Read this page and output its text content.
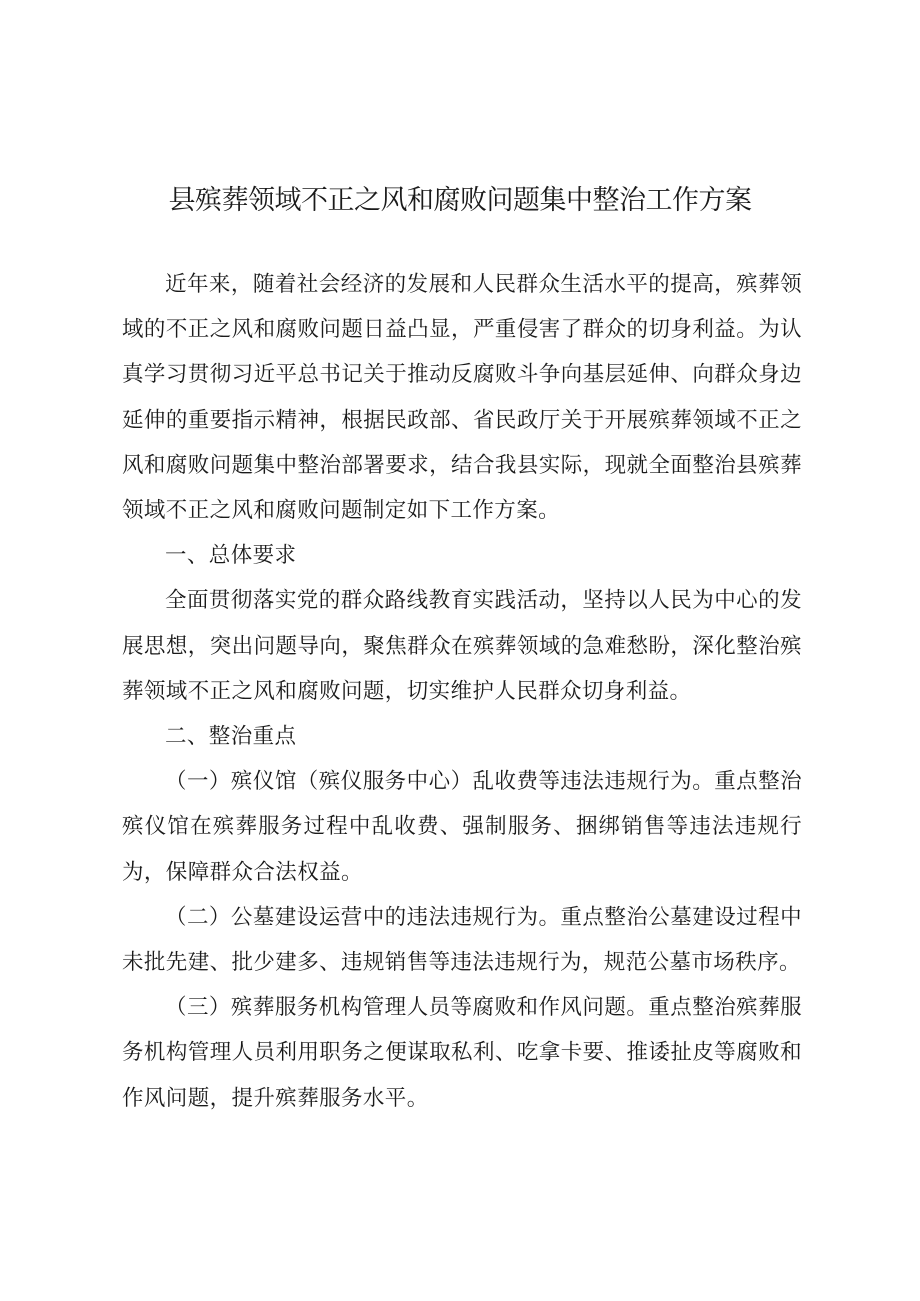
县殡葬领域不正之风和腐败问题集中整治工作方案

近年来，随着社会经济的发展和人民群众生活水平的提高，殡葬领域的不正之风和腐败问题日益凸显，严重侵害了群众的切身利益。为认真学习贯彻习近平总书记关于推动反腐败斗争向基层延伸、向群众身边延伸的重要指示精神，根据民政部、省民政厅关于开展殡葬领域不正之风和腐败问题集中整治部署要求，结合我县实际，现就全面整治县殡葬领域不正之风和腐败问题制定如下工作方案。

一、总体要求

全面贯彻落实党的群众路线教育实践活动，坚持以人民为中心的发展思想，突出问题导向，聚焦群众在殡葬领域的急难愁盼，深化整治殡葬领域不正之风和腐败问题，切实维护人民群众切身利益。

二、整治重点

（一）殡仪馆（殡仪服务中心）乱收费等违法违规行为。重点整治殡仪馆在殡葬服务过程中乱收费、强制服务、捆绑销售等违法违规行为，保障群众合法权益。

（二）公墓建设运营中的违法违规行为。重点整治公墓建设过程中未批先建、批少建多、违规销售等违法违规行为，规范公墓市场秩序。

（三）殡葬服务机构管理人员等腐败和作风问题。重点整治殡葬服务机构管理人员利用职务之便谋取私利、吃拿卡要、推诿扯皮等腐败和作风问题，提升殡葬服务水平。
